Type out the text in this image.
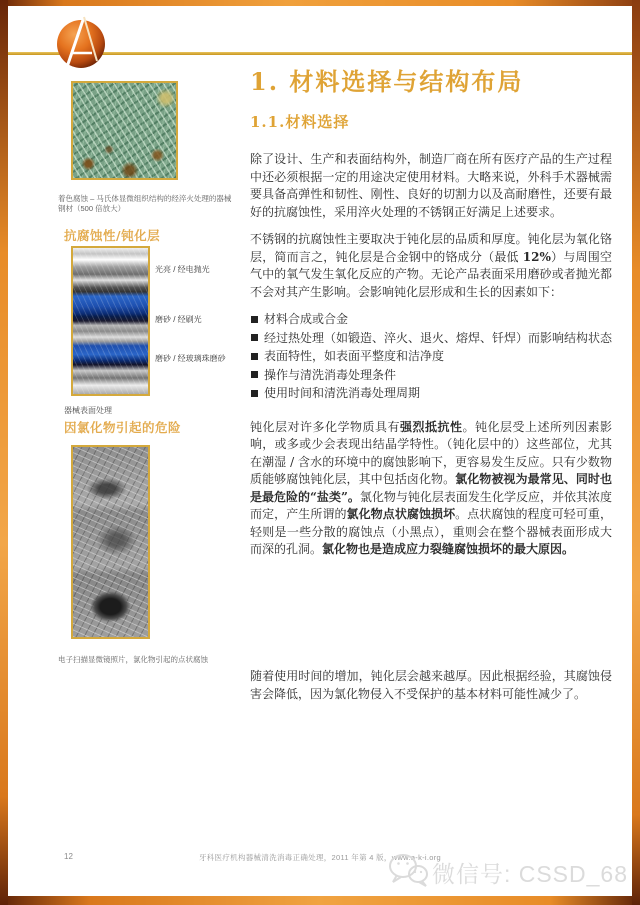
着色腐蚀 – 马氏体显微组织结构的经淬火处理的器械钢材（500 倍放大）

抗腐蚀性/钝化层
光亮 / 经电抛光
磨砂 / 经刷光
磨砂 / 经玻璃珠磨砂

器械表面处理

因氯化物引起的危险

电子扫描显微镜照片，氯化物引起的点状腐蚀

1. 材料选择与结构布局
1.1.材料选择

除了设计、生产和表面结构外，制造厂商在所有医疗产品的生产过程中还必须根据一定的用途决定使用材料。大略来说，外科手术器械需要具备高弹性和韧性、刚性、良好的切割力以及高耐磨性，还要有最好的抗腐蚀性，采用淬火处理的不锈钢正好满足上述要求。

不锈钢的抗腐蚀性主要取决于钝化层的品质和厚度。钝化层为氧化铬层，简而言之，钝化层是合金钢中的铬成分（最低 12%）与周围空气中的氧气发生氧化反应的产物。无论产品表面采用磨砂或者抛光都不会对其产生影响。会影响钝化层形成和生长的因素如下：

材料合成或合金
经过热处理（如锻造、淬火、退火、熔焊、钎焊）而影响结构状态
表面特性，如表面平整度和洁净度
操作与清洗消毒处理条件
使用时间和清洗消毒处理周期

钝化层对许多化学物质具有强烈抵抗性。钝化层受上述所列因素影响，或多或少会表现出结晶学特性。（钝化层中的）这些部位，尤其在潮湿 / 含水的环境中的腐蚀影响下，更容易发生反应。只有少数物质能够腐蚀钝化层，其中包括卤化物。氯化物被视为最常见、同时也是最危险的“盐类”。氯化物与钝化层表面发生化学反应，并依其浓度而定，产生所谓的氯化物点状腐蚀损坏。点状腐蚀的程度可轻可重，轻则是一些分散的腐蚀点（小黑点），重则会在整个器械表面形成大而深的孔洞。氯化物也是造成应力裂缝腐蚀损坏的最大原因。

随着使用时间的增加，钝化层会越来越厚。因此根据经验，其腐蚀侵害会降低，因为氯化物侵入不受保护的基本材料可能性减少了。

12	牙科医疗机构器械清洗消毒正确处理，2011 年第 4 版，www.a-k-i.org
微信号: CSSD_68
